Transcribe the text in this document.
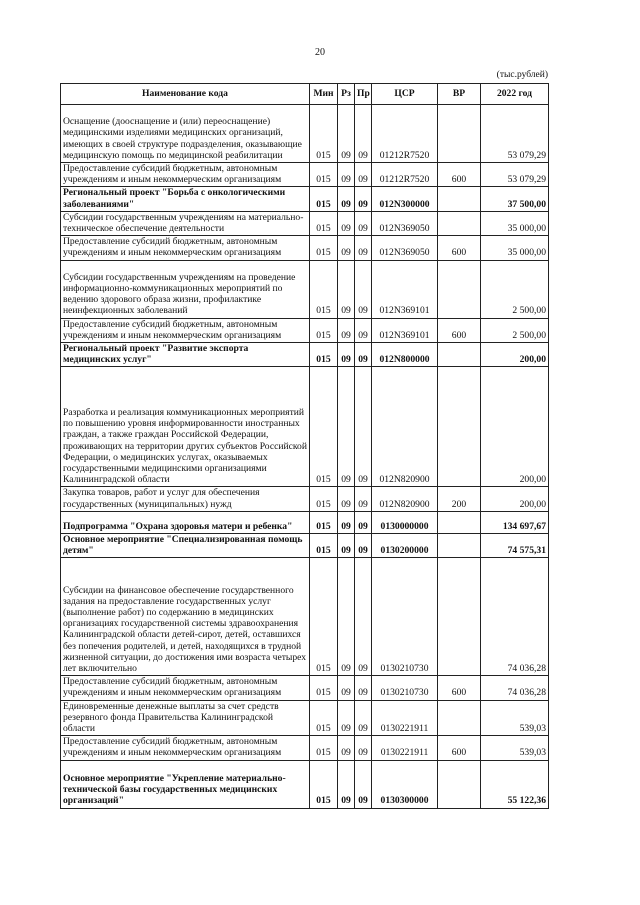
20
(тыс.рублей)
Наименование кода	Мин	Рз	Пр	ЦСР	ВР	2022 год
Оснащение (дооснащение и (или) переоснащение) медицинскими изделиями медицинских организаций, имеющих в своей структуре подразделения, оказывающие медицинскую помощь по медицинской реабилитации	015	09	09	01212R7520		53 079,29
Предоставление субсидий бюджетным, автономным учреждениям и иным некоммерческим организациям	015	09	09	01212R7520	600	53 079,29
Региональный проект "Борьба с онкологическими заболеваниями"	015	09	09	012N300000		37 500,00
Субсидии государственным учреждениям на материально-техническое обеспечение деятельности	015	09	09	012N369050		35 000,00
Предоставление субсидий бюджетным, автономным учреждениям и иным некоммерческим организациям	015	09	09	012N369050	600	35 000,00
Субсидии государственным учреждениям на проведение информационно-коммуникационных мероприятий по ведению здорового образа жизни, профилактике неинфекционных заболеваний	015	09	09	012N369101		2 500,00
Предоставление субсидий бюджетным, автономным учреждениям и иным некоммерческим организациям	015	09	09	012N369101	600	2 500,00
Региональный проект "Развитие экспорта медицинских услуг"	015	09	09	012N800000		200,00
Разработка и реализация коммуникационных мероприятий по повышению уровня информированности иностранных граждан, а также граждан Российской Федерации, проживающих на территории других субъектов Российской Федерации, о медицинских услугах, оказываемых государственными медицинскими организациями Калининградской области	015	09	09	012N820900		200,00
Закупка товаров, работ и услуг для обеспечения государственных (муниципальных) нужд	015	09	09	012N820900	200	200,00
Подпрограмма "Охрана здоровья матери и ребенка"	015	09	09	0130000000		134 697,67
Основное мероприятие "Специализированная помощь детям"	015	09	09	0130200000		74 575,31
Субсидии на финансовое обеспечение государственного задания на предоставление государственных услуг (выполнение работ) по содержанию в медицинских организациях государственной системы здравоохранения Калининградской области детей-сирот, детей, оставшихся без попечения родителей, и детей, находящихся в трудной жизненной ситуации, до достижения ими возраста четырех лет включительно	015	09	09	0130210730		74 036,28
Предоставление субсидий бюджетным, автономным учреждениям и иным некоммерческим организациям	015	09	09	0130210730	600	74 036,28
Единовременные денежные выплаты за счет средств резервного фонда Правительства Калининградской области	015	09	09	0130221911		539,03
Предоставление субсидий бюджетным, автономным учреждениям и иным некоммерческим организациям	015	09	09	0130221911	600	539,03
Основное мероприятие "Укрепление материально-технической базы государственных медицинских организаций"	015	09	09	0130300000		55 122,36
